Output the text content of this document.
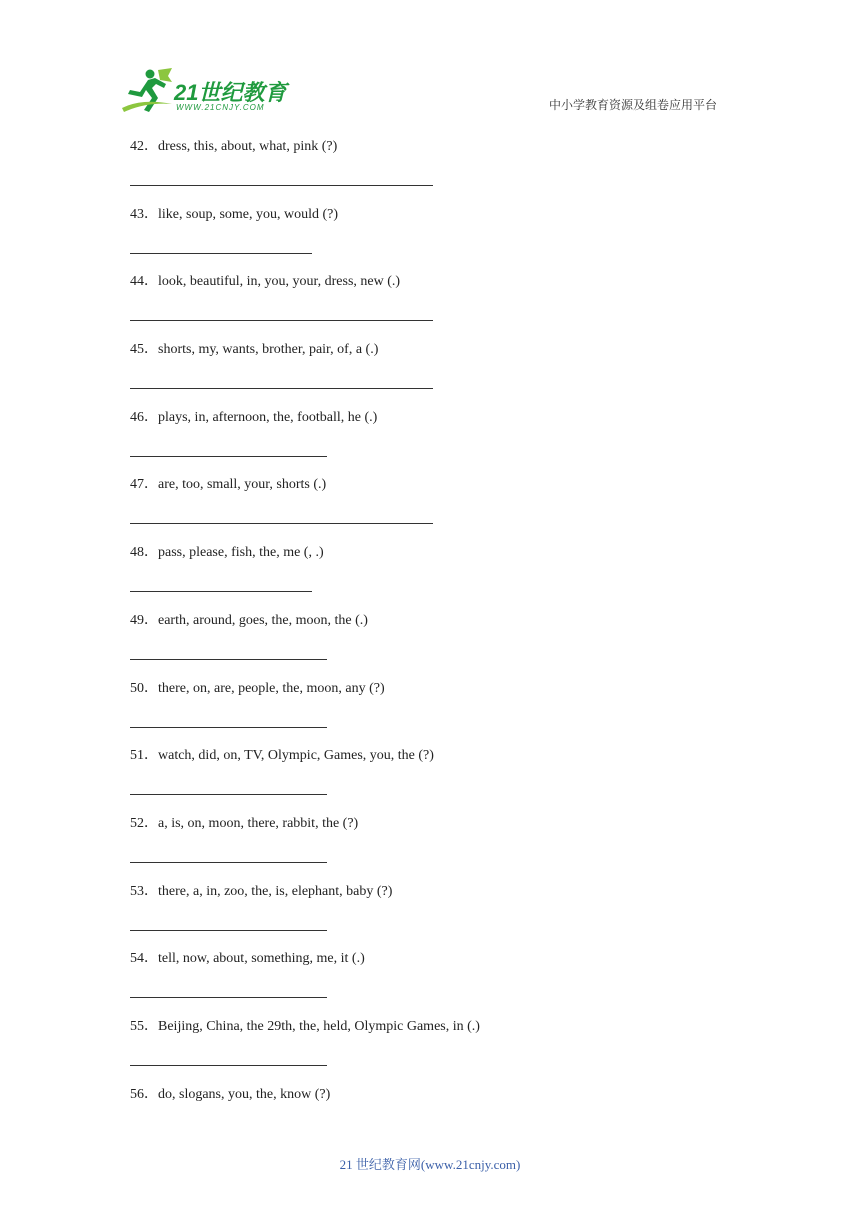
21世纪教育
WWW.21CNJY.COM	中小学教育资源及组卷应用平台
42．dress, this, about, what, pink (?)
43．like, soup, some, you, would (?)
44．look, beautiful, in, you, your, dress, new (.)
45．shorts, my, wants, brother, pair, of, a (.)
46．plays, in, afternoon, the, football, he (.)
47．are, too, small, your, shorts (.)
48．pass, please, fish, the, me (, .)
49．earth, around, goes, the, moon, the (.)
50．there, on, are, people, the, moon, any (?)
51．watch, did, on, TV, Olympic, Games, you, the (?)
52．a, is, on, moon, there, rabbit, the (?)
53．there, a, in, zoo, the, is, elephant, baby (?)
54．tell, now, about, something, me, it (.)
55．Beijing, China, the 29th, the, held, Olympic Games, in (.)
56．do, slogans, you, the, know (?)
21 世纪教育网(www.21cnjy.com)
